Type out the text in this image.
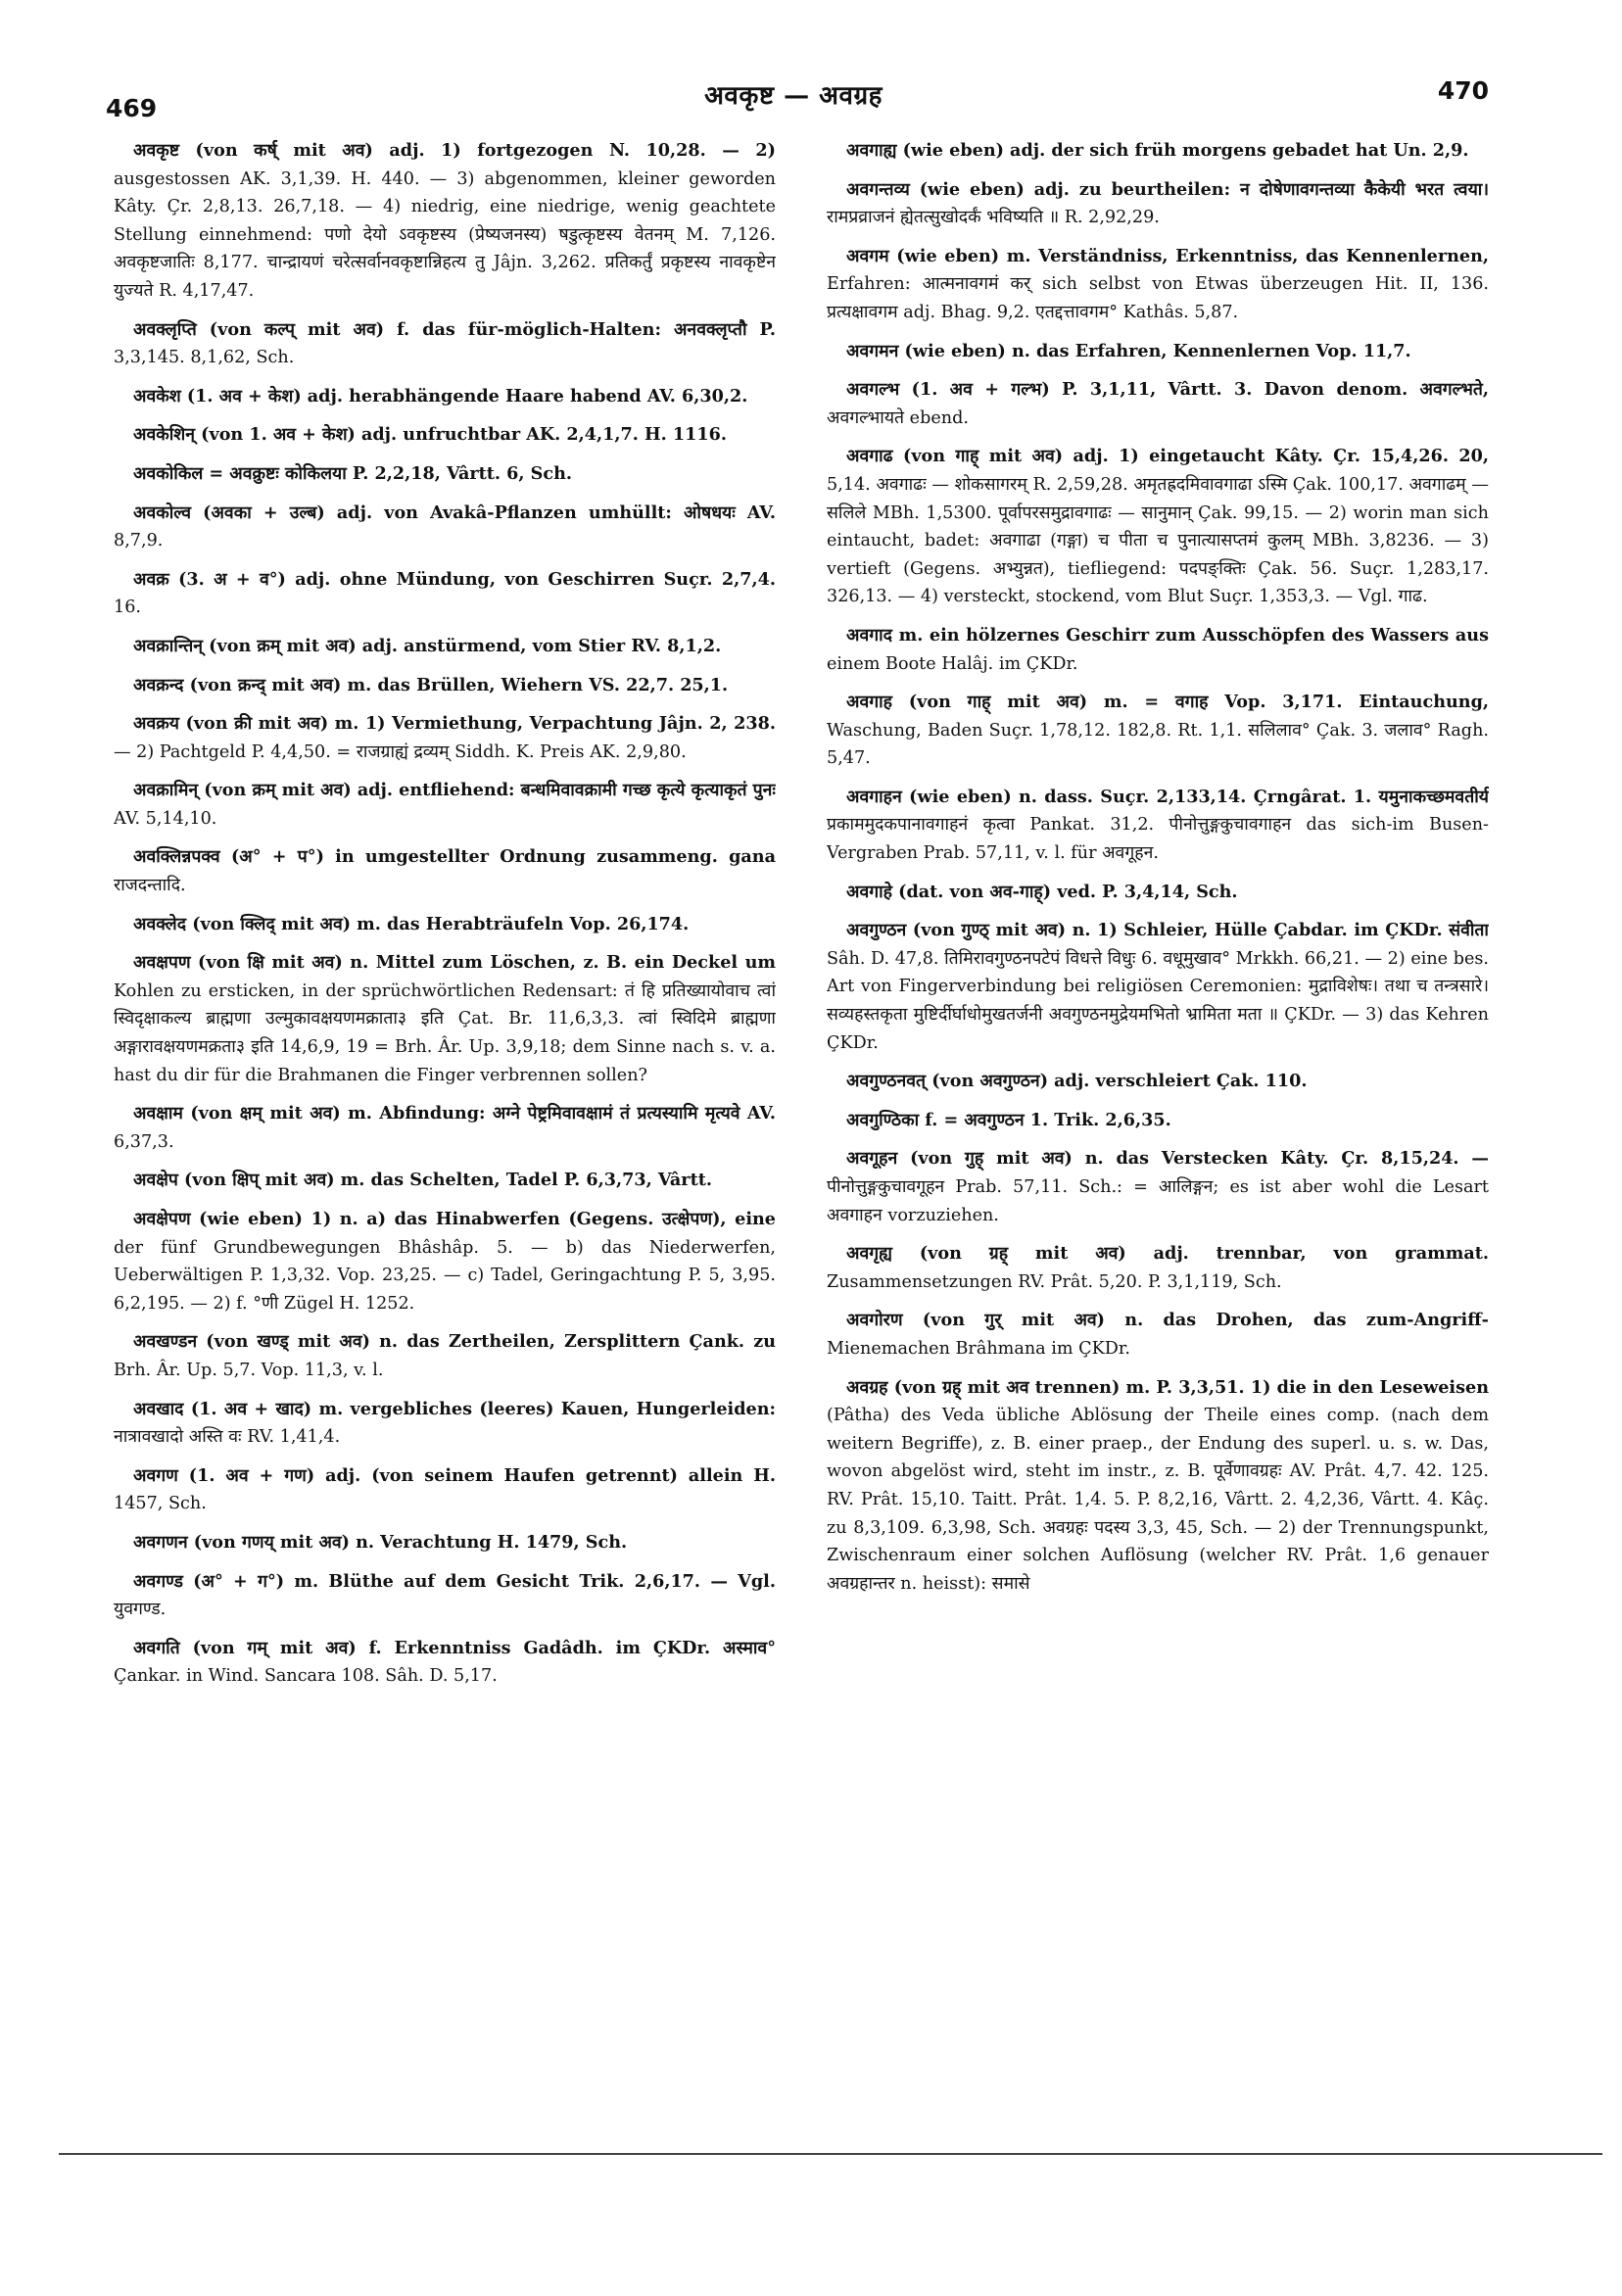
469	अवकृष्ट — अवग्रह	470

अवकृष्ट (von कर्ष् mit अव) adj. 1) fortgezogen N. 10,28. — 2) ausgestossen AK. 3,1,39. H. 440. — 3) abgenommen, kleiner geworden Kâty. Çr. 2,8,13. 26,7,18. — 4) niedrig, eine niedrige, wenig geachtete Stellung einnehmend: पणो देयो ऽवकृष्टस्य (प्रेष्यजनस्य) षडुत्कृष्टस्य वेतनम् M. 7,126. अवकृष्टजातिः 8,177. चान्द्रायणं चरेत्सर्वानवकृष्टान्निहत्य तु Jâjn. 3,262. प्रतिकर्तुं प्रकृष्टस्य नावकृष्टेन युज्यते R. 4,17,47.

अवक्लृप्ति (von कल्प् mit अव) f. das für-möglich-Halten: अनवक्लृप्तौ P. 3,3,145. 8,1,62, Sch.

अवकेश (1. अव + केश) adj. herabhängende Haare habend AV. 6,30,2.

अवकेशिन् (von 1. अव + केश) adj. unfruchtbar AK. 2,4,1,7. H. 1116.

अवकोकिल = अवक्रुष्टः कोकिलया P. 2,2,18, Vârtt. 6, Sch.

अवकोल्व (अवका + उल्ब) adj. von Avakâ-Pflanzen umhüllt: ओषधयः AV. 8,7,9.

अवक्र (3. अ + व°) adj. ohne Mündung, von Geschirren Suçr. 2,7,4. 16.

अवक्रान्तिन् (von क्रम् mit अव) adj. anstürmend, vom Stier RV. 8,1,2.

अवक्रन्द (von क्रन्द् mit अव) m. das Brüllen, Wiehern VS. 22,7. 25,1.

अवक्रय (von क्री mit अव) m. 1) Vermiethung, Verpachtung Jâjn. 2, 238. — 2) Pachtgeld P. 4,4,50. = राजग्राह्यं द्रव्यम् Siddh. K. Preis AK. 2,9,80.

अवक्रामिन् (von क्रम् mit अव) adj. entfliehend: बन्धमिवावक्रामी गच्छ कृत्ये कृत्याकृतं पुनः AV. 5,14,10.

अवक्लिन्नपक्व (अ° + प°) in umgestellter Ordnung zusammeng. gana राजदन्तादि.

अवक्लेद (von क्लिद् mit अव) m. das Herabträufeln Vop. 26,174.

अवक्षपण (von क्षि mit अव) n. Mittel zum Löschen, z. B. ein Deckel um Kohlen zu ersticken, in der sprüchwörtlichen Redensart: तं हि प्रतिख्यायोवाच त्वां स्विदृक्षाकल्य ब्राह्मणा उल्मुकावक्षयणमक्राता३ इति Çat. Br. 11,6,3,3. त्वां स्विदिमे ब्राह्मणा अङ्गारावक्षयणमक्रता३ इति 14,6,9, 19 = Brh. Âr. Up. 3,9,18; dem Sinne nach s. v. a. hast du dir für die Brahmanen die Finger verbrennen sollen?

अवक्षाम (von क्षम् mit अव) m. Abfindung: अग्ने पेष्ट्रमिवावक्षामं तं प्रत्यस्यामि मृत्यवे AV. 6,37,3.

अवक्षेप (von क्षिप् mit अव) m. das Schelten, Tadel P. 6,3,73, Vârtt.

अवक्षेपण (wie eben) 1) n. a) das Hinabwerfen (Gegens. उत्क्षेपण), eine der fünf Grundbewegungen Bhâshâp. 5. — b) das Niederwerfen, Ueberwältigen P. 1,3,32. Vop. 23,25. — c) Tadel, Geringachtung P. 5, 3,95. 6,2,195. — 2) f. °णी Zügel H. 1252.

अवखण्डन (von खण्ड् mit अव) n. das Zertheilen, Zersplittern Çank. zu Brh. Âr. Up. 5,7. Vop. 11,3, v. l.

अवखाद (1. अव + खाद) m. vergebliches (leeres) Kauen, Hungerleiden: नात्रावखादो अस्ति वः RV. 1,41,4.

अवगण (1. अव + गण) adj. (von seinem Haufen getrennt) allein H. 1457, Sch.

अवगणन (von गणय् mit अव) n. Verachtung H. 1479, Sch.

अवगण्ड (अ° + ग°) m. Blüthe auf dem Gesicht Trik. 2,6,17. — Vgl. युवगण्ड.

अवगति (von गम् mit अव) f. Erkenntniss Gadâdh. im ÇKDr. अस्माव° Çankar. in Wind. Sancara 108. Sâh. D. 5,17.

अवगाह्य (wie eben) adj. der sich früh morgens gebadet hat Un. 2,9.

अवगन्तव्य (wie eben) adj. zu beurtheilen: न दोषेणावगन्तव्या कैकेयी भरत त्वया। रामप्रव्राजनं ह्येतत्सुखोदर्कं भविष्यति ॥ R. 2,92,29.

अवगम (wie eben) m. Verständniss, Erkenntniss, das Kennenlernen, Erfahren: आत्मनावगमं कर् sich selbst von Etwas überzeugen Hit. II, 136. प्रत्यक्षावगम adj. Bhag. 9,2. एतद्दत्तावगम° Kathâs. 5,87.

अवगमन (wie eben) n. das Erfahren, Kennenlernen Vop. 11,7.

अवगल्भ (1. अव + गल्भ) P. 3,1,11, Vârtt. 3. Davon denom. अवगल्भते, अवगल्भायते ebend.

अवगाढ (von गाह् mit अव) adj. 1) eingetaucht Kâty. Çr. 15,4,26. 20, 5,14. अवगाढः — शोकसागरम् R. 2,59,28. अमृतह्रदमिवावगाढा ऽस्मि Çak. 100,17. अवगाढम् — सलिले MBh. 1,5300. पूर्वापरसमुद्रावगाढः — सानुमान् Çak. 99,15. — 2) worin man sich eintaucht, badet: अवगाढा (गङ्गा) च पीता च पुनात्यासप्तमं कुलम् MBh. 3,8236. — 3) vertieft (Gegens. अभ्युन्नत), tiefliegend: पदपङ्क्तिः Çak. 56. Suçr. 1,283,17. 326,13. — 4) versteckt, stockend, vom Blut Suçr. 1,353,3. — Vgl. गाढ.

अवगाद m. ein hölzernes Geschirr zum Ausschöpfen des Wassers aus einem Boote Halâj. im ÇKDr.

अवगाह (von गाह् mit अव) m. = वगाह Vop. 3,171. Eintauchung, Waschung, Baden Suçr. 1,78,12. 182,8. Rt. 1,1. सलिलाव° Çak. 3. जलाव° Ragh. 5,47.

अवगाहन (wie eben) n. dass. Suçr. 2,133,14. Çrngârat. 1. यमुनाकच्छमवतीर्य प्रकाममुदकपानावगाहनं कृत्वा Pankat. 31,2. पीनोत्तुङ्गकुचावगाहन das sich-im Busen-Vergraben Prab. 57,11, v. l. für अवगूहन.

अवगाहे (dat. von अव-गाह्) ved. P. 3,4,14, Sch.

अवगुण्ठन (von गुण्ठ् mit अव) n. 1) Schleier, Hülle Çabdar. im ÇKDr. संवीता Sâh. D. 47,8. तिमिरावगुण्ठनपटेपं विधत्ते विधुः 6. वधूमुखाव° Mrkkh. 66,21. — 2) eine bes. Art von Fingerverbindung bei religiösen Ceremonien: मुद्राविशेषः। तथा च तन्त्रसारे। सव्यहस्तकृता मुष्टिर्दीर्घाधोमुखतर्जनी अवगुण्ठनमुद्रेयमभितो भ्रामिता मता ॥ ÇKDr. — 3) das Kehren ÇKDr.

अवगुण्ठनवत् (von अवगुण्ठन) adj. verschleiert Çak. 110.

अवगुण्ठिका f. = अवगुण्ठन 1. Trik. 2,6,35.

अवगूहन (von गुह् mit अव) n. das Verstecken Kâty. Çr. 8,15,24. — पीनोत्तुङ्गकुचावगूहन Prab. 57,11. Sch.: = आलिङ्गन; es ist aber wohl die Lesart अवगाहन vorzuziehen.

अवगृह्य (von ग्रह् mit अव) adj. trennbar, von grammat. Zusammensetzungen RV. Prât. 5,20. P. 3,1,119, Sch.

अवगोरण (von गुर् mit अव) n. das Drohen, das zum-Angriff-Mienemachen Brâhmana im ÇKDr.

अवग्रह (von ग्रह् mit अव trennen) m. P. 3,3,51. 1) die in den Leseweisen (Pâtha) des Veda übliche Ablösung der Theile eines comp. (nach dem weitern Begriffe), z. B. einer praep., der Endung des superl. u. s. w. Das, wovon abgelöst wird, steht im instr., z. B. पूर्वेणावग्रहः AV. Prât. 4,7. 42. 125. RV. Prât. 15,10. Taitt. Prât. 1,4. 5. P. 8,2,16, Vârtt. 2. 4,2,36, Vârtt. 4. Kâç. zu 8,3,109. 6,3,98, Sch. अवग्रहः पदस्य 3,3, 45, Sch. — 2) der Trennungspunkt, Zwischenraum einer solchen Auflösung (welcher RV. Prât. 1,6 genauer अवग्रहान्तर n. heisst): समासे
